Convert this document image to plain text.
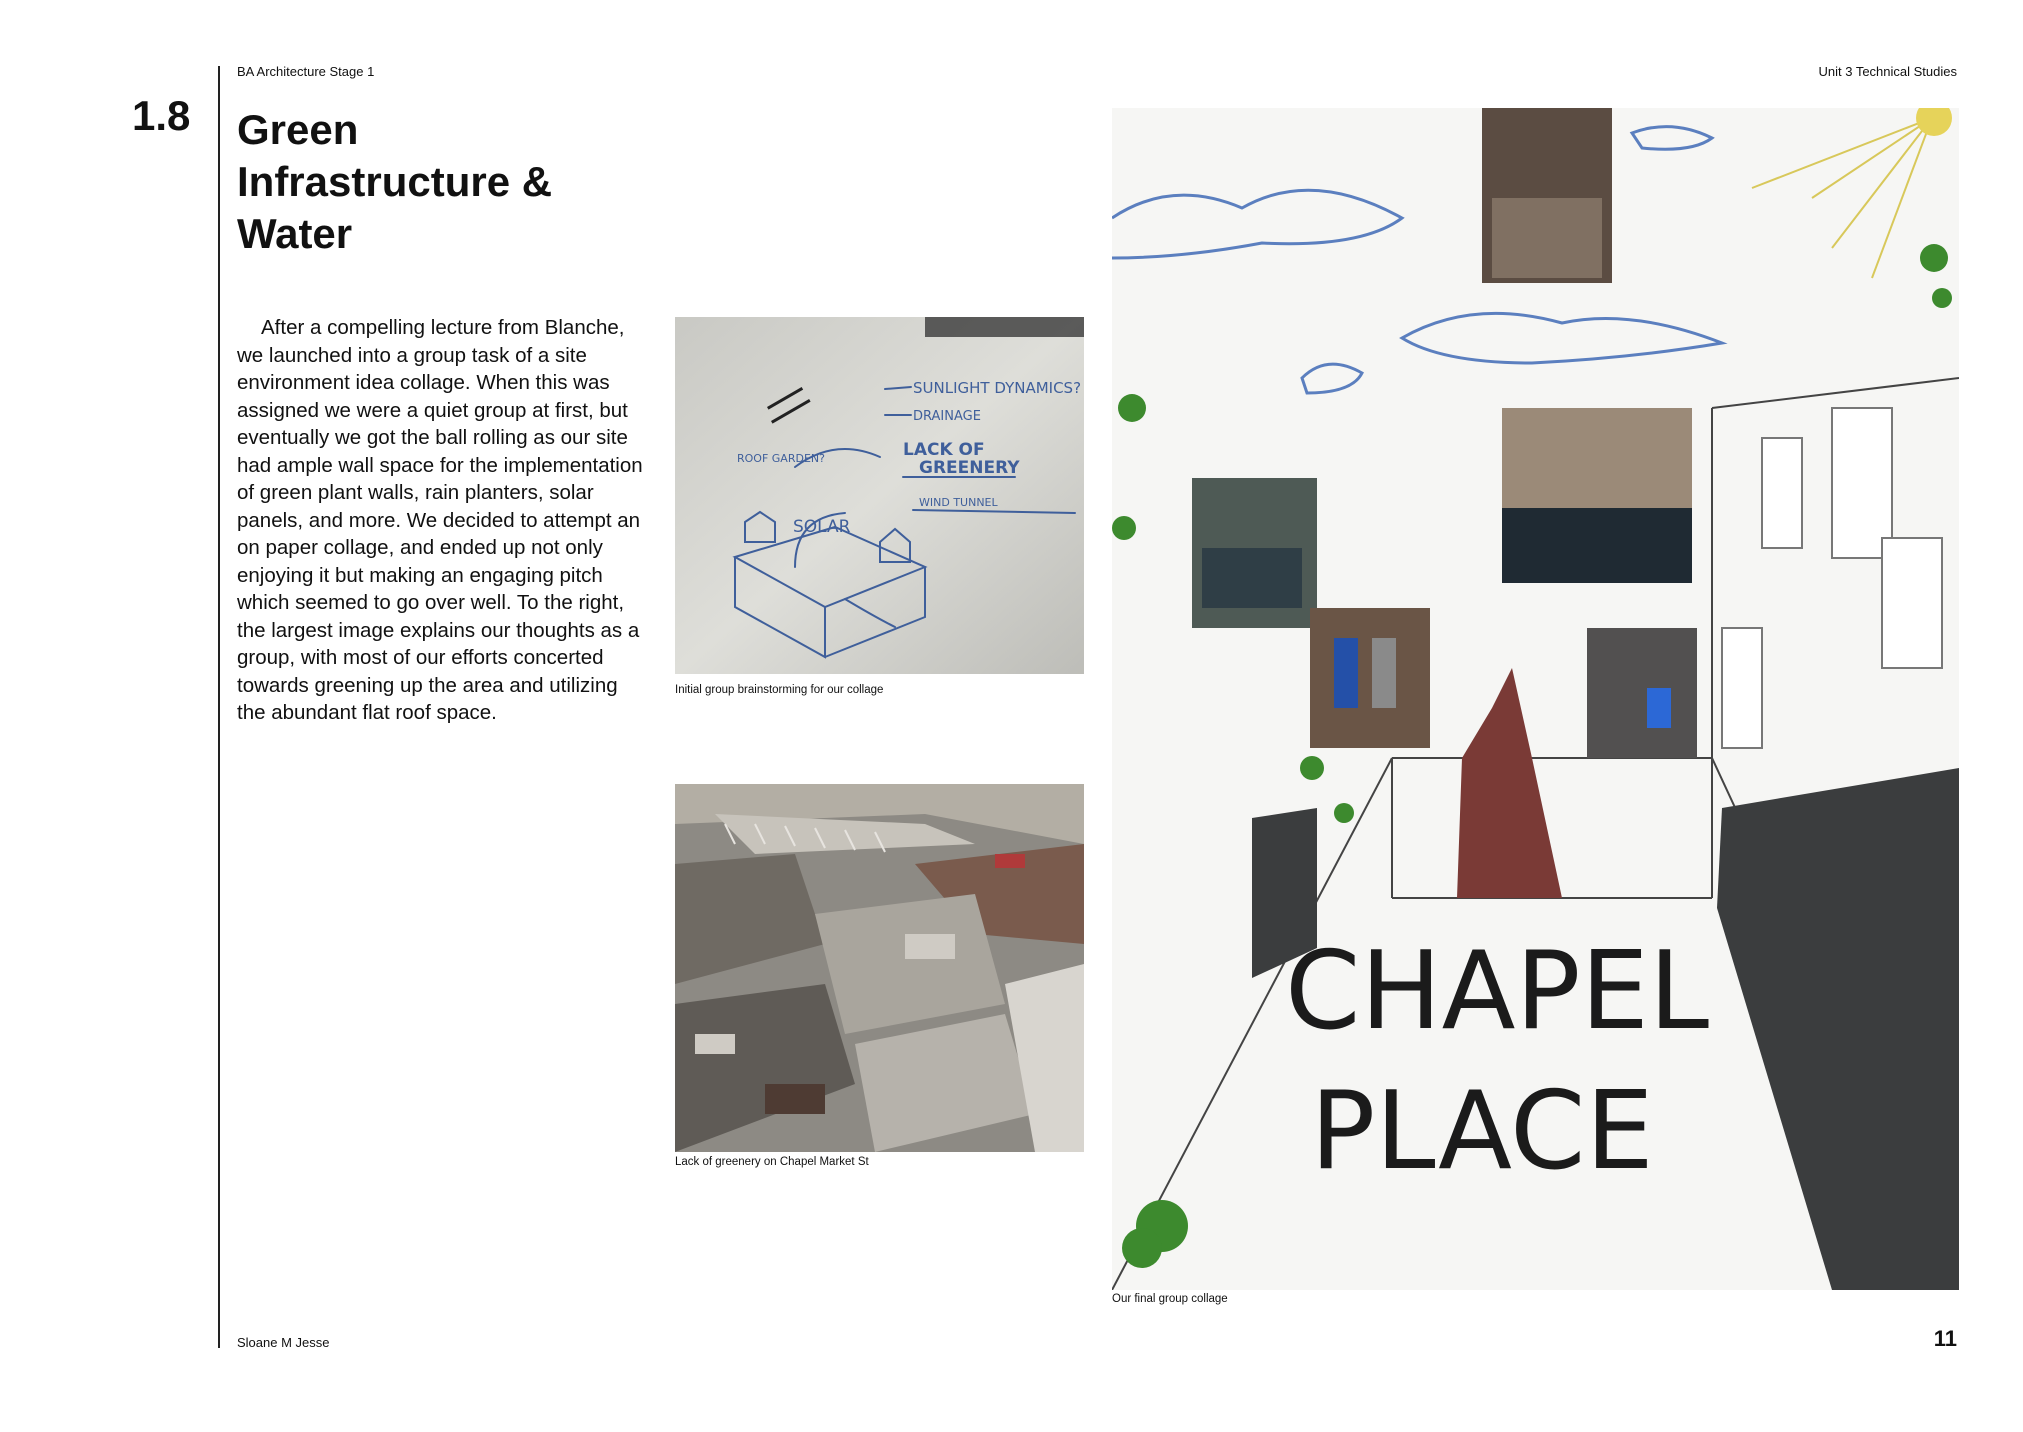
BA Architecture Stage 1	Unit 3 Technical Studies
1.8 Green
Infrastructure &
Water

After a compelling lecture from Blanche, we launched into a group task of a site environment idea collage. When this was assigned we were a quiet group at first, but eventually we got the ball rolling as our site had ample wall space for the implementation of green plant walls, rain planters, solar panels, and more. We decided to attempt an on paper collage, and ended up not only enjoying it but making an engaging pitch which seemed to go over well. To the right, the largest image explains our thoughts as a group, with most of our efforts concerted towards greening up the area and utilizing the abundant flat roof space.

SUNLIGHT DYNAMICS?
DRAINAGE
LACK OF
GREENERY
WIND TUNNEL
SOLAR
ROOF GARDEN?
Initial group brainstorming for our collage
Lack of greenery on Chapel Market St
CHAPEL
PLACE
Our final group collage
Sloane M Jesse	11
